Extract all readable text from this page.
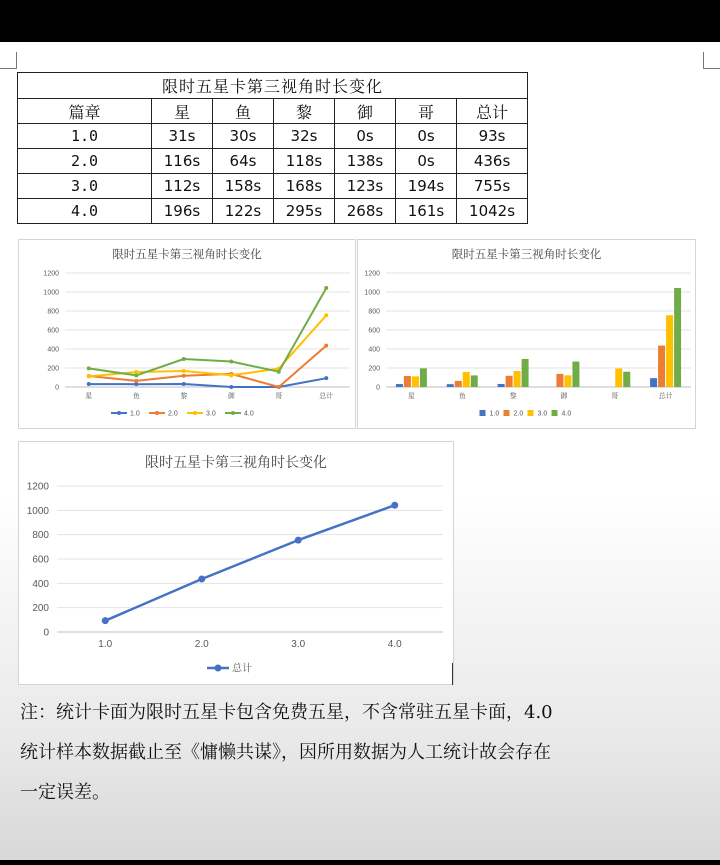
限时五星卡第三视角时长变化						
篇章	星	鱼	黎	御	哥	总计
1.0	31s	30s	32s	0s	0s	93s
2.0	116s	64s	118s	138s	0s	436s
3.0	112s	158s	168s	123s	194s	755s
4.0	196s	122s	295s	268s	161s	1042s
限时五星卡第三视角时长变化
0
200
400
600
800
1000
1200
星	鱼	黎	御	哥	总计
1.0	2.0	3.0	4.0
限时五星卡第三视角时长变化
0
200
400
600
800
1000
1200
星	鱼	黎	御	哥	总计
1.0 2.0 3.0 4.0
限时五星卡第三视角时长变化
0
200
400
600
800
1000
1200
1.0	2.0	3.0	4.0
总计

注：统计卡面为限时五星卡包含免费五星，不含常驻五星卡面，4.0
统计样本数据截止至《慵懒共谋》，因所用数据为人工统计故会存在
一定误差。
